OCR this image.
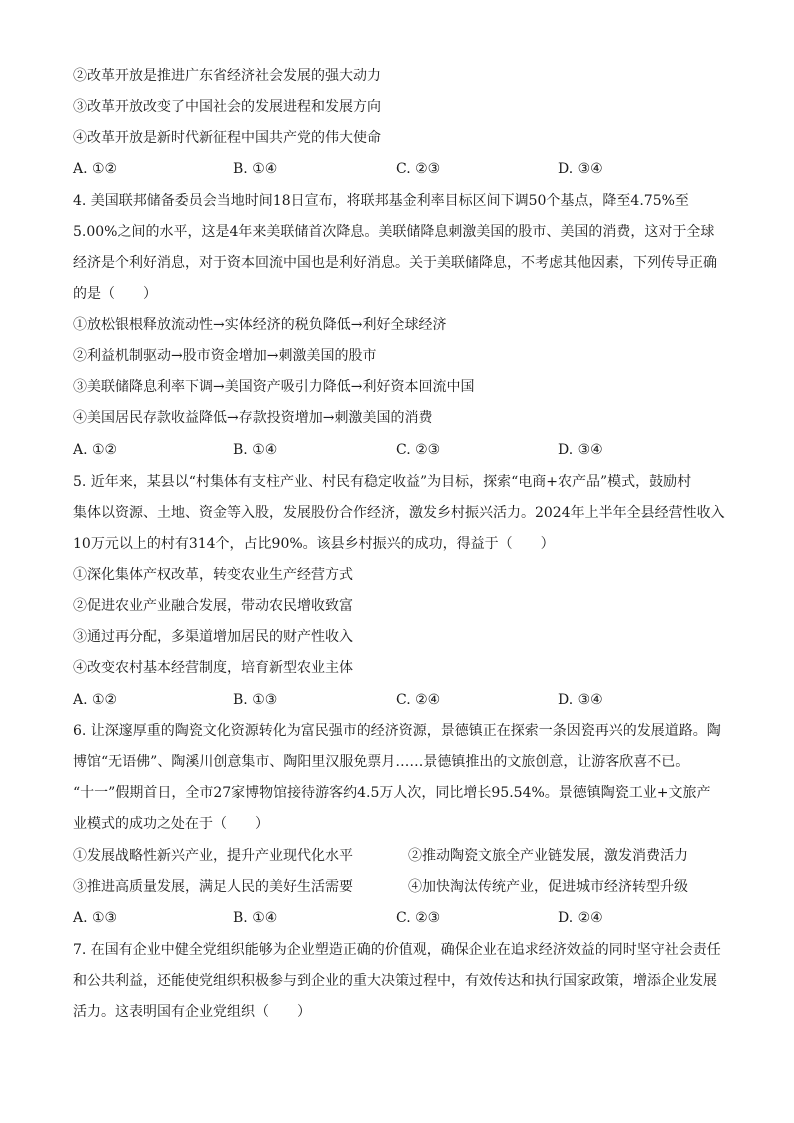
②改革开放是推进广东省经济社会发展的强大动力
③改革开放改变了中国社会的发展进程和发展方向
④改革开放是新时代新征程中国共产党的伟大使命
A. ①②	B. ①④	C. ②③	D. ③④
4. 美国联邦储备委员会当地时间18日宣布，将联邦基金利率目标区间下调50个基点，降至4.75%至
5.00%之间的水平，这是4年来美联储首次降息。美联储降息刺激美国的股市、美国的消费，这对于全球
经济是个利好消息，对于资本回流中国也是利好消息。关于美联储降息，不考虑其他因素，下列传导正确
的是（　　）
①放松银根释放流动性→实体经济的税负降低→利好全球经济
②利益机制驱动→股市资金增加→刺激美国的股市
③美联储降息利率下调→美国资产吸引力降低→利好资本回流中国
④美国居民存款收益降低→存款投资增加→刺激美国的消费
A. ①②	B. ①④	C. ②③	D. ③④
5. 近年来，某县以“村集体有支柱产业、村民有稳定收益”为目标，探索“电商+农产品”模式，鼓励村
集体以资源、土地、资金等入股，发展股份合作经济，激发乡村振兴活力。2024年上半年全县经营性收入
10万元以上的村有314个，占比90%。该县乡村振兴的成功，得益于（　　）
①深化集体产权改革，转变农业生产经营方式
②促进农业产业融合发展，带动农民增收致富
③通过再分配，多渠道增加居民的财产性收入
④改变农村基本经营制度，培育新型农业主体
A. ①②	B. ①③	C. ②④	D. ③④
6. 让深邃厚重的陶瓷文化资源转化为富民强市的经济资源，景德镇正在探索一条因瓷再兴的发展道路。陶
博馆“无语佛”、陶溪川创意集市、陶阳里汉服免票月……景德镇推出的文旅创意，让游客欣喜不已。
“十一”假期首日，全市27家博物馆接待游客约4.5万人次，同比增长95.54%。景德镇陶瓷工业+文旅产
业模式的成功之处在于（　　）
①发展战略性新兴产业，提升产业现代化水平	②推动陶瓷文旅全产业链发展，激发消费活力
③推进高质量发展，满足人民的美好生活需要	④加快淘汰传统产业，促进城市经济转型升级
A. ①③	B. ①④	C. ②③	D. ②④
7. 在国有企业中健全党组织能够为企业塑造正确的价值观，确保企业在追求经济效益的同时坚守社会责任
和公共利益，还能使党组织积极参与到企业的重大决策过程中，有效传达和执行国家政策，增添企业发展
活力。这表明国有企业党组织（　　）
